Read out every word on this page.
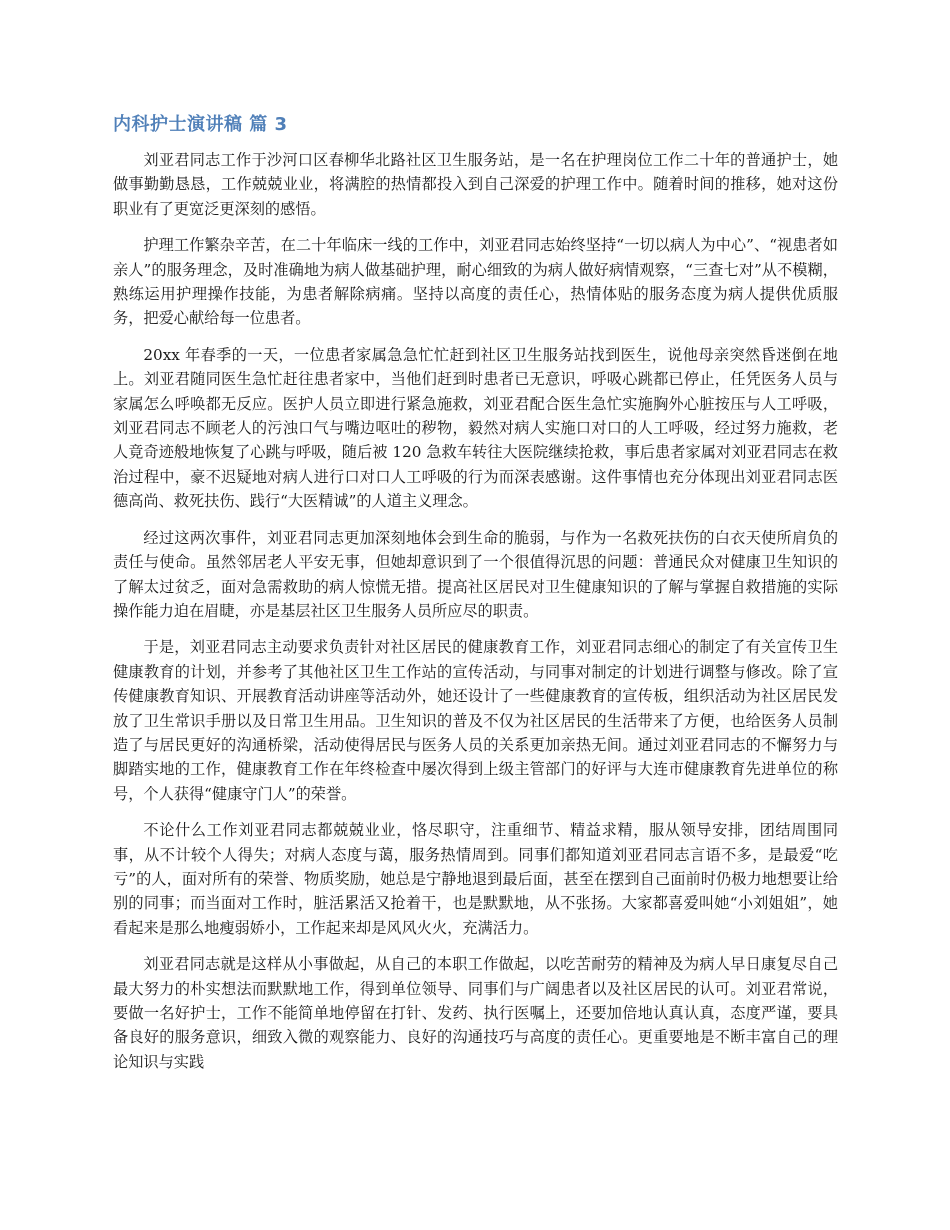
内科护士演讲稿 篇 3

刘亚君同志工作于沙河口区春柳华北路社区卫生服务站，是一名在护理岗位工作二十年的普通护士，她做事勤勤恳恳，工作兢兢业业，将满腔的热情都投入到自己深爱的护理工作中。随着时间的推移，她对这份职业有了更宽泛更深刻的感悟。

护理工作繁杂辛苦，在二十年临床一线的工作中，刘亚君同志始终坚持“一切以病人为中心”、“视患者如亲人”的服务理念，及时准确地为病人做基础护理，耐心细致的为病人做好病情观察，“三查七对”从不模糊，熟练运用护理操作技能，为患者解除病痛。坚持以高度的责任心，热情体贴的服务态度为病人提供优质服务，把爱心献给每一位患者。

20xx 年春季的一天，一位患者家属急急忙忙赶到社区卫生服务站找到医生，说他母亲突然昏迷倒在地上。刘亚君随同医生急忙赶往患者家中，当他们赶到时患者已无意识，呼吸心跳都已停止，任凭医务人员与家属怎么呼唤都无反应。医护人员立即进行紧急施救，刘亚君配合医生急忙实施胸外心脏按压与人工呼吸，刘亚君同志不顾老人的污浊口气与嘴边呕吐的秽物，毅然对病人实施口对口的人工呼吸，经过努力施救，老人竟奇迹般地恢复了心跳与呼吸，随后被 120 急救车转往大医院继续抢救，事后患者家属对刘亚君同志在救治过程中，豪不迟疑地对病人进行口对口人工呼吸的行为而深表感谢。这件事情也充分体现出刘亚君同志医德高尚、救死扶伤、践行“大医精诚”的人道主义理念。

经过这两次事件，刘亚君同志更加深刻地体会到生命的脆弱，与作为一名救死扶伤的白衣天使所肩负的责任与使命。虽然邻居老人平安无事，但她却意识到了一个很值得沉思的问题：普通民众对健康卫生知识的了解太过贫乏，面对急需救助的病人惊慌无措。提高社区居民对卫生健康知识的了解与掌握自救措施的实际操作能力迫在眉睫，亦是基层社区卫生服务人员所应尽的职责。

于是，刘亚君同志主动要求负责针对社区居民的健康教育工作，刘亚君同志细心的制定了有关宣传卫生健康教育的计划，并参考了其他社区卫生工作站的宣传活动，与同事对制定的计划进行调整与修改。除了宣传健康教育知识、开展教育活动讲座等活动外，她还设计了一些健康教育的宣传板，组织活动为社区居民发放了卫生常识手册以及日常卫生用品。卫生知识的普及不仅为社区居民的生活带来了方便，也给医务人员制造了与居民更好的沟通桥梁，活动使得居民与医务人员的关系更加亲热无间。通过刘亚君同志的不懈努力与脚踏实地的工作，健康教育工作在年终检查中屡次得到上级主管部门的好评与大连市健康教育先进单位的称号，个人获得“健康守门人”的荣誉。

不论什么工作刘亚君同志都兢兢业业，恪尽职守，注重细节、精益求精，服从领导安排，团结周围同事，从不计较个人得失；对病人态度与蔼，服务热情周到。同事们都知道刘亚君同志言语不多，是最爱“吃亏”的人，面对所有的荣誉、物质奖励，她总是宁静地退到最后面，甚至在摆到自己面前时仍极力地想要让给别的同事；而当面对工作时，脏活累活又抢着干，也是默默地，从不张扬。大家都喜爱叫她“小刘姐姐”，她看起来是那么地瘦弱娇小，工作起来却是风风火火，充满活力。

刘亚君同志就是这样从小事做起，从自己的本职工作做起，以吃苦耐劳的精神及为病人早日康复尽自己最大努力的朴实想法而默默地工作，得到单位领导、同事们与广阔患者以及社区居民的认可。刘亚君常说，要做一名好护士，工作不能简单地停留在打针、发药、执行医嘱上，还要加倍地认真认真，态度严谨，要具备良好的服务意识，细致入微的观察能力、良好的沟通技巧与高度的责任心。更重要地是不断丰富自己的理论知识与实践
